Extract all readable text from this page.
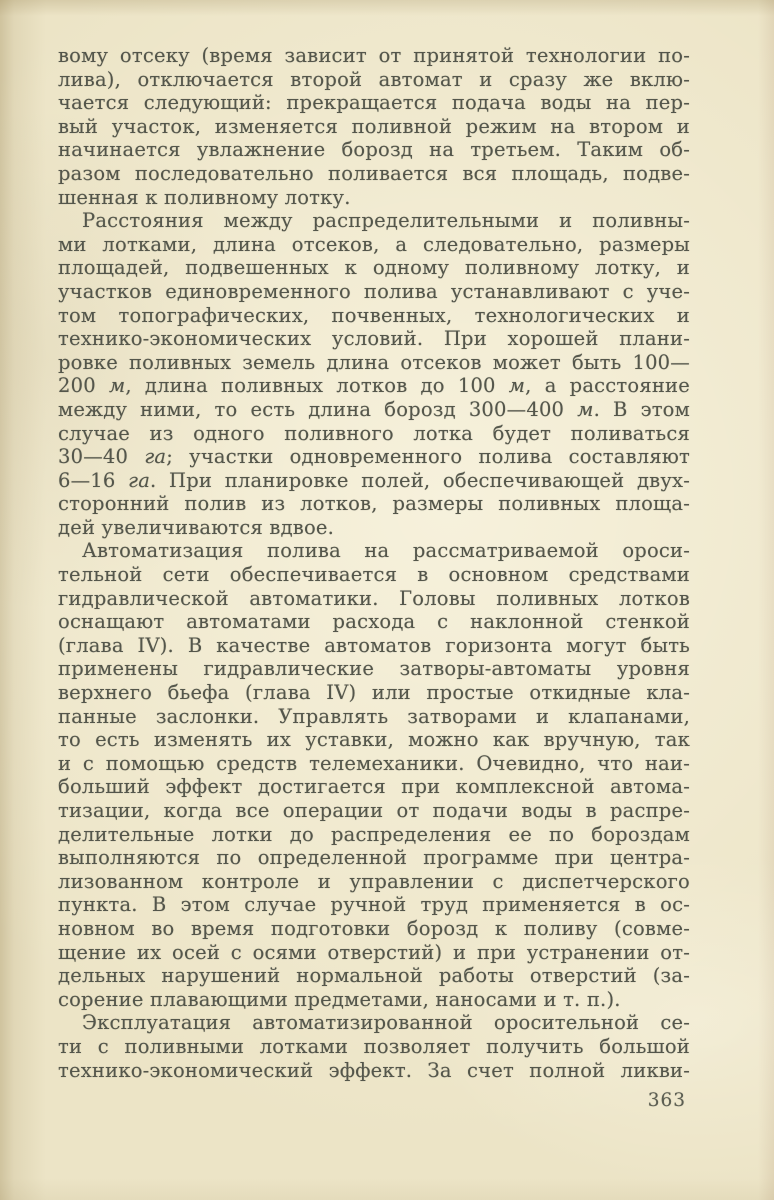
вому отсеку (время зависит от принятой технологии по-
лива), отключается второй автомат и сразу же вклю-
чается следующий: прекращается подача воды на пер-
вый участок, изменяется поливной режим на втором и
начинается увлажнение борозд на третьем. Таким об-
разом последовательно поливается вся площадь, подве-
шенная к поливному лотку.
Расстояния между распределительными и поливны-
ми лотками, длина отсеков, а следовательно, размеры
площадей, подвешенных к одному поливному лотку, и
участков единовременного полива устанавливают с уче-
том топографических, почвенных, технологических и
технико-экономических условий. При хорошей плани-
ровке поливных земель длина отсеков может быть 100—
200 м, длина поливных лотков до 100 м, а расстояние
между ними, то есть длина борозд 300—400 м. В этом
случае из одного поливного лотка будет поливаться
30—40 га; участки одновременного полива составляют
6—16 га. При планировке полей, обеспечивающей двух-
сторонний полив из лотков, размеры поливных площа-
дей увеличиваются вдвое.
Автоматизация полива на рассматриваемой ороси-
тельной сети обеспечивается в основном средствами
гидравлической автоматики. Головы поливных лотков
оснащают автоматами расхода с наклонной стенкой
(глава IV). В качестве автоматов горизонта могут быть
применены гидравлические затворы-автоматы уровня
верхнего бьефа (глава IV) или простые откидные кла-
панные заслонки. Управлять затворами и клапанами,
то есть изменять их уставки, можно как вручную, так
и с помощью средств телемеханики. Очевидно, что наи-
больший эффект достигается при комплексной автома-
тизации, когда все операции от подачи воды в распре-
делительные лотки до распределения ее по бороздам
выполняются по определенной программе при центра-
лизованном контроле и управлении с диспетчерского
пункта. В этом случае ручной труд применяется в ос-
новном во время подготовки борозд к поливу (совме-
щение их осей с осями отверстий) и при устранении от-
дельных нарушений нормальной работы отверстий (за-
сорение плавающими предметами, наносами и т. п.).
Эксплуатация автоматизированной оросительной се-
ти с поливными лотками позволяет получить большой
технико-экономический эффект. За счет полной ликви-
363
